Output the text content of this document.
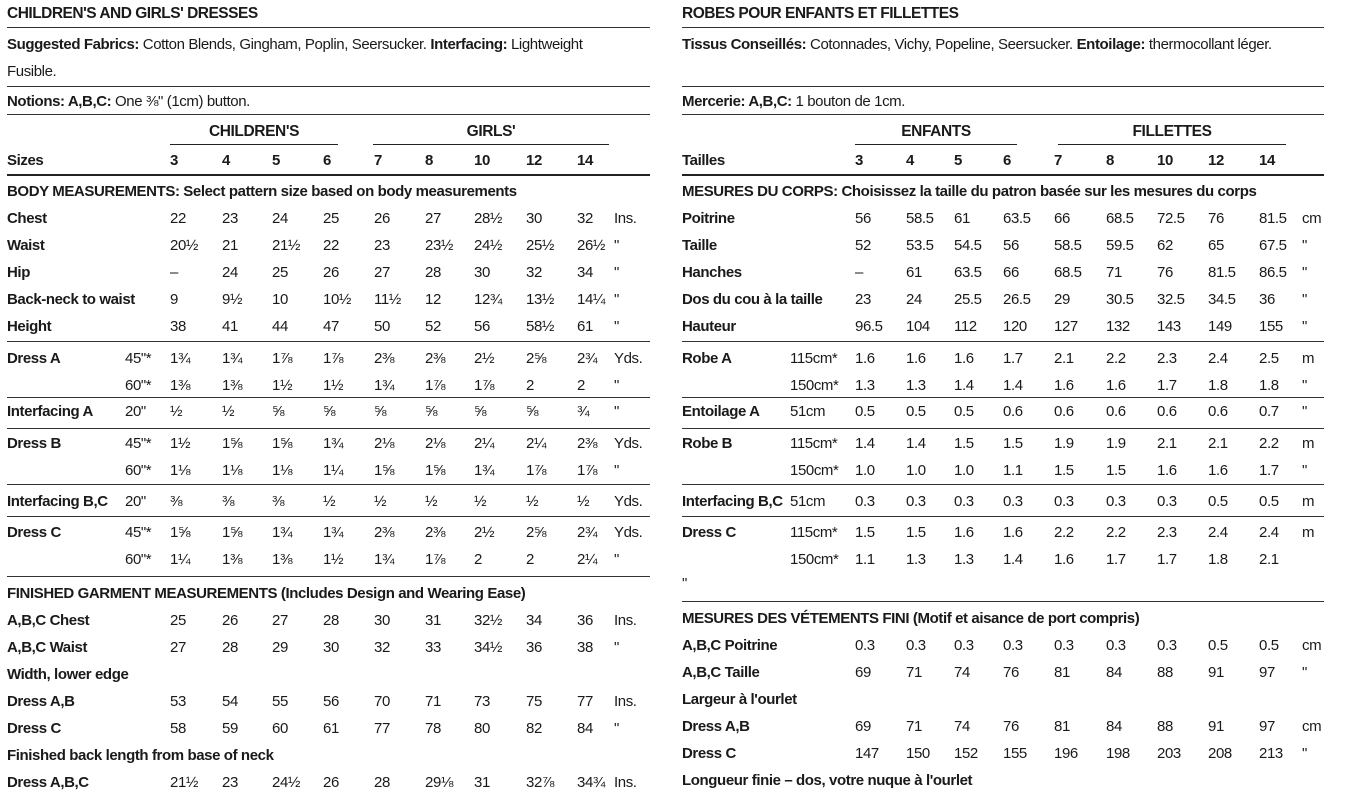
CHILDREN'S AND GIRLS' DRESSES
Suggested Fabrics: Cotton Blends, Gingham, Poplin, Seersucker. Interfacing: Lightweight Fusible.
Notions: A,B,C: One ⅜" (1cm) button.
CHILDREN'S	GIRLS'
Sizes	3	4	5	6	7	8	10 12 14
BODY MEASUREMENTS: Select pattern size based on body measurements
Chest	22 23 24 25 26 27 28½ 30 32 Ins.
Waist	20½ 21 21½ 22 23 23½ 24½ 25½ 26½ "
Hip	–	24 25 26 27 28 30 32 34 "
Back-neck to waist 9	9½ 10 10½ 11½ 12 12¾ 13½ 14¼ "
Height	38 41 44 47 50 52 56 58½ 61 "
Dress A	45"* 1¾ 1¾ 1⅞ 1⅞ 2⅜ 2⅜ 2½ 2⅝ 2¾ Yds.
60"* 1⅜ 1⅜ 1½ 1½ 1¾ 1⅞ 1⅞ 2	2 "
Interfacing A 20" ½	½	⅝	⅝	⅝	⅝ ⅝	⅝	¾ "
Dress B	45"* 1½ 1⅝ 1⅝ 1¾ 2⅛ 2⅛ 2¼ 2¼ 2⅜ Yds.
60"* 1⅛ 1⅛ 1⅛ 1¼ 1⅝ 1⅝ 1¾ 1⅞ 1⅞ "
Interfacing B,C 20" ⅜	⅜	⅜	½	½	½ ½	½	½ Yds.
Dress C	45"* 1⅝ 1⅝ 1¾ 1¾ 2⅜ 2⅜ 2½ 2⅝ 2¾ Yds.
60"* 1¼ 1⅜ 1⅜ 1½ 1¾ 1⅞ 2	2	2¼ "
FINISHED GARMENT MEASUREMENTS (Includes Design and Wearing Ease)
A,B,C Chest	25 26 27 28 30 31 32½ 34 36 Ins.
A,B,C Waist	27 28 29 30 32 33 34½ 36 38 "
Width, lower edge
Dress A,B	53 54 55 56 70 71 73 75 77 Ins.
Dress C	58 59 60 61 77 78 80 82 84 "
Finished back length from base of neck
Dress A,B,C	21½ 23 24½ 26 28 29⅛ 31 32⅞ 34¾ Ins.
ROBES POUR ENFANTS ET FILLETTES
Tissus Conseillés: Cotonnades, Vichy, Popeline, Seersucker. Entoilage: thermocollant léger.
Mercerie: A,B,C: 1 bouton de 1cm.
ENFANTS	FILLETTES
Tailles	3	4	5	6	7	8	10 12 14
MESURES DU CORPS: Choisissez la taille du patron basée sur les mesures du corps
Poitrine	56 58.5 61 63.5 66 68.5 72.5 76 81.5 cm
Taille	52 53.5 54.5 56 58.5 59.5 62 65 67.5 "
Hanches	–	61 63.5 66 68.5 71 76 81.5 86.5 "
Dos du cou à la taille 23 24 25.5 26.5 29 30.5 32.5 34.5 36 "
Hauteur	96.5 104 112 120 127 132 143 149 155 "
Robe A	115cm* 1.6 1.6 1.6 1.7 2.1 2.2 2.3 2.4 2.5 m
150cm* 1.3 1.3 1.4 1.4 1.6 1.6 1.7 1.8 1.8 "
Entoilage A 51cm 0.5 0.5 0.5 0.6 0.6 0.6 0.6 0.6 0.7 "
Robe B	115cm* 1.4 1.4 1.5 1.5 1.9 1.9 2.1 2.1 2.2 m
150cm* 1.0 1.0 1.0 1.1 1.5 1.5 1.6 1.6 1.7 "
Interfacing B,C 51cm 0.3 0.3 0.3 0.3 0.3 0.3 0.3 0.5 0.5 m
Dress C	115cm* 1.5 1.5 1.6 1.6 2.2 2.2 2.3 2.4 2.4 m
150cm* 1.1 1.3 1.3 1.4 1.6 1.7 1.7 1.8 2.1
"
MESURES DES VÉTEMENTS FINI (Motif et aisance de port compris)
A,B,C Poitrine	0.3 0.3 0.3 0.3 0.3 0.3 0.3 0.5 0.5 cm
A,B,C Taille	69 71 74 76 81 84 88 91 97 "
Largeur à l'ourlet
Dress A,B	69 71 74 76 81 84 88 91 97 cm
Dress C	147 150 152 155 196 198 203 208 213 "
Longueur finie – dos, votre nuque à l'ourlet
